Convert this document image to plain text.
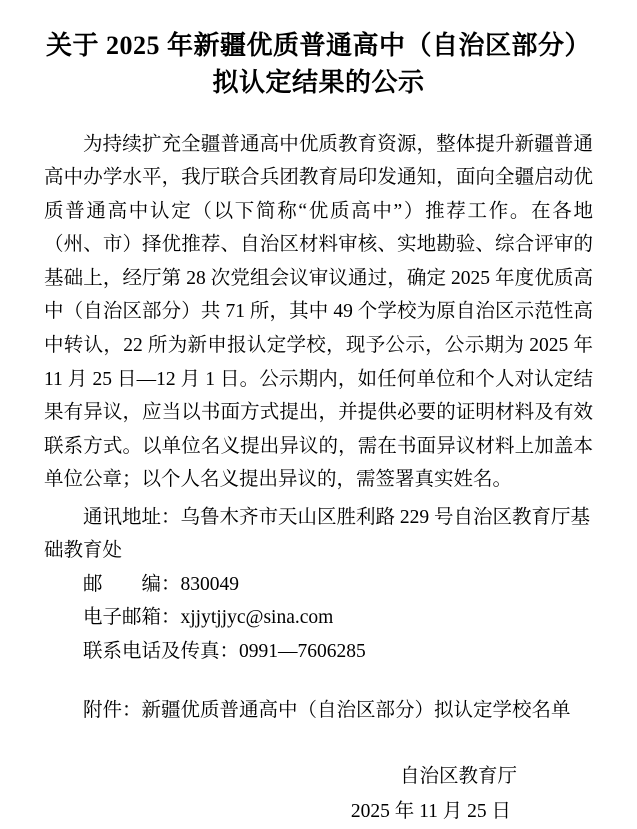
关于 2025 年新疆优质普通高中（自治区部分）
拟认定结果的公示

为持续扩充全疆普通高中优质教育资源，整体提升新疆普通高中办学水平，我厅联合兵团教育局印发通知，面向全疆启动优质普通高中认定（以下简称“优质高中”）推荐工作。在各地（州、市）择优推荐、自治区材料审核、实地勘验、综合评审的基础上，经厅第 28 次党组会议审议通过，确定 2025 年度优质高中（自治区部分）共 71 所，其中 49 个学校为原自治区示范性高中转认，22 所为新申报认定学校，现予公示，公示期为 2025 年 11 月 25 日—12 月 1 日。公示期内，如任何单位和个人对认定结果有异议，应当以书面方式提出，并提供必要的证明材料及有效联系方式。以单位名义提出异议的，需在书面异议材料上加盖本单位公章；以个人名义提出异议的，需签署真实姓名。

通讯地址：乌鲁木齐市天山区胜利路 229 号自治区教育厅基础教育处

邮　　编：830049

电子邮箱：xjjytjjyc@sina.com

联系电话及传真：0991—7606285

附件：新疆优质普通高中（自治区部分）拟认定学校名单

自治区教育厅

2025 年 11 月 25 日
